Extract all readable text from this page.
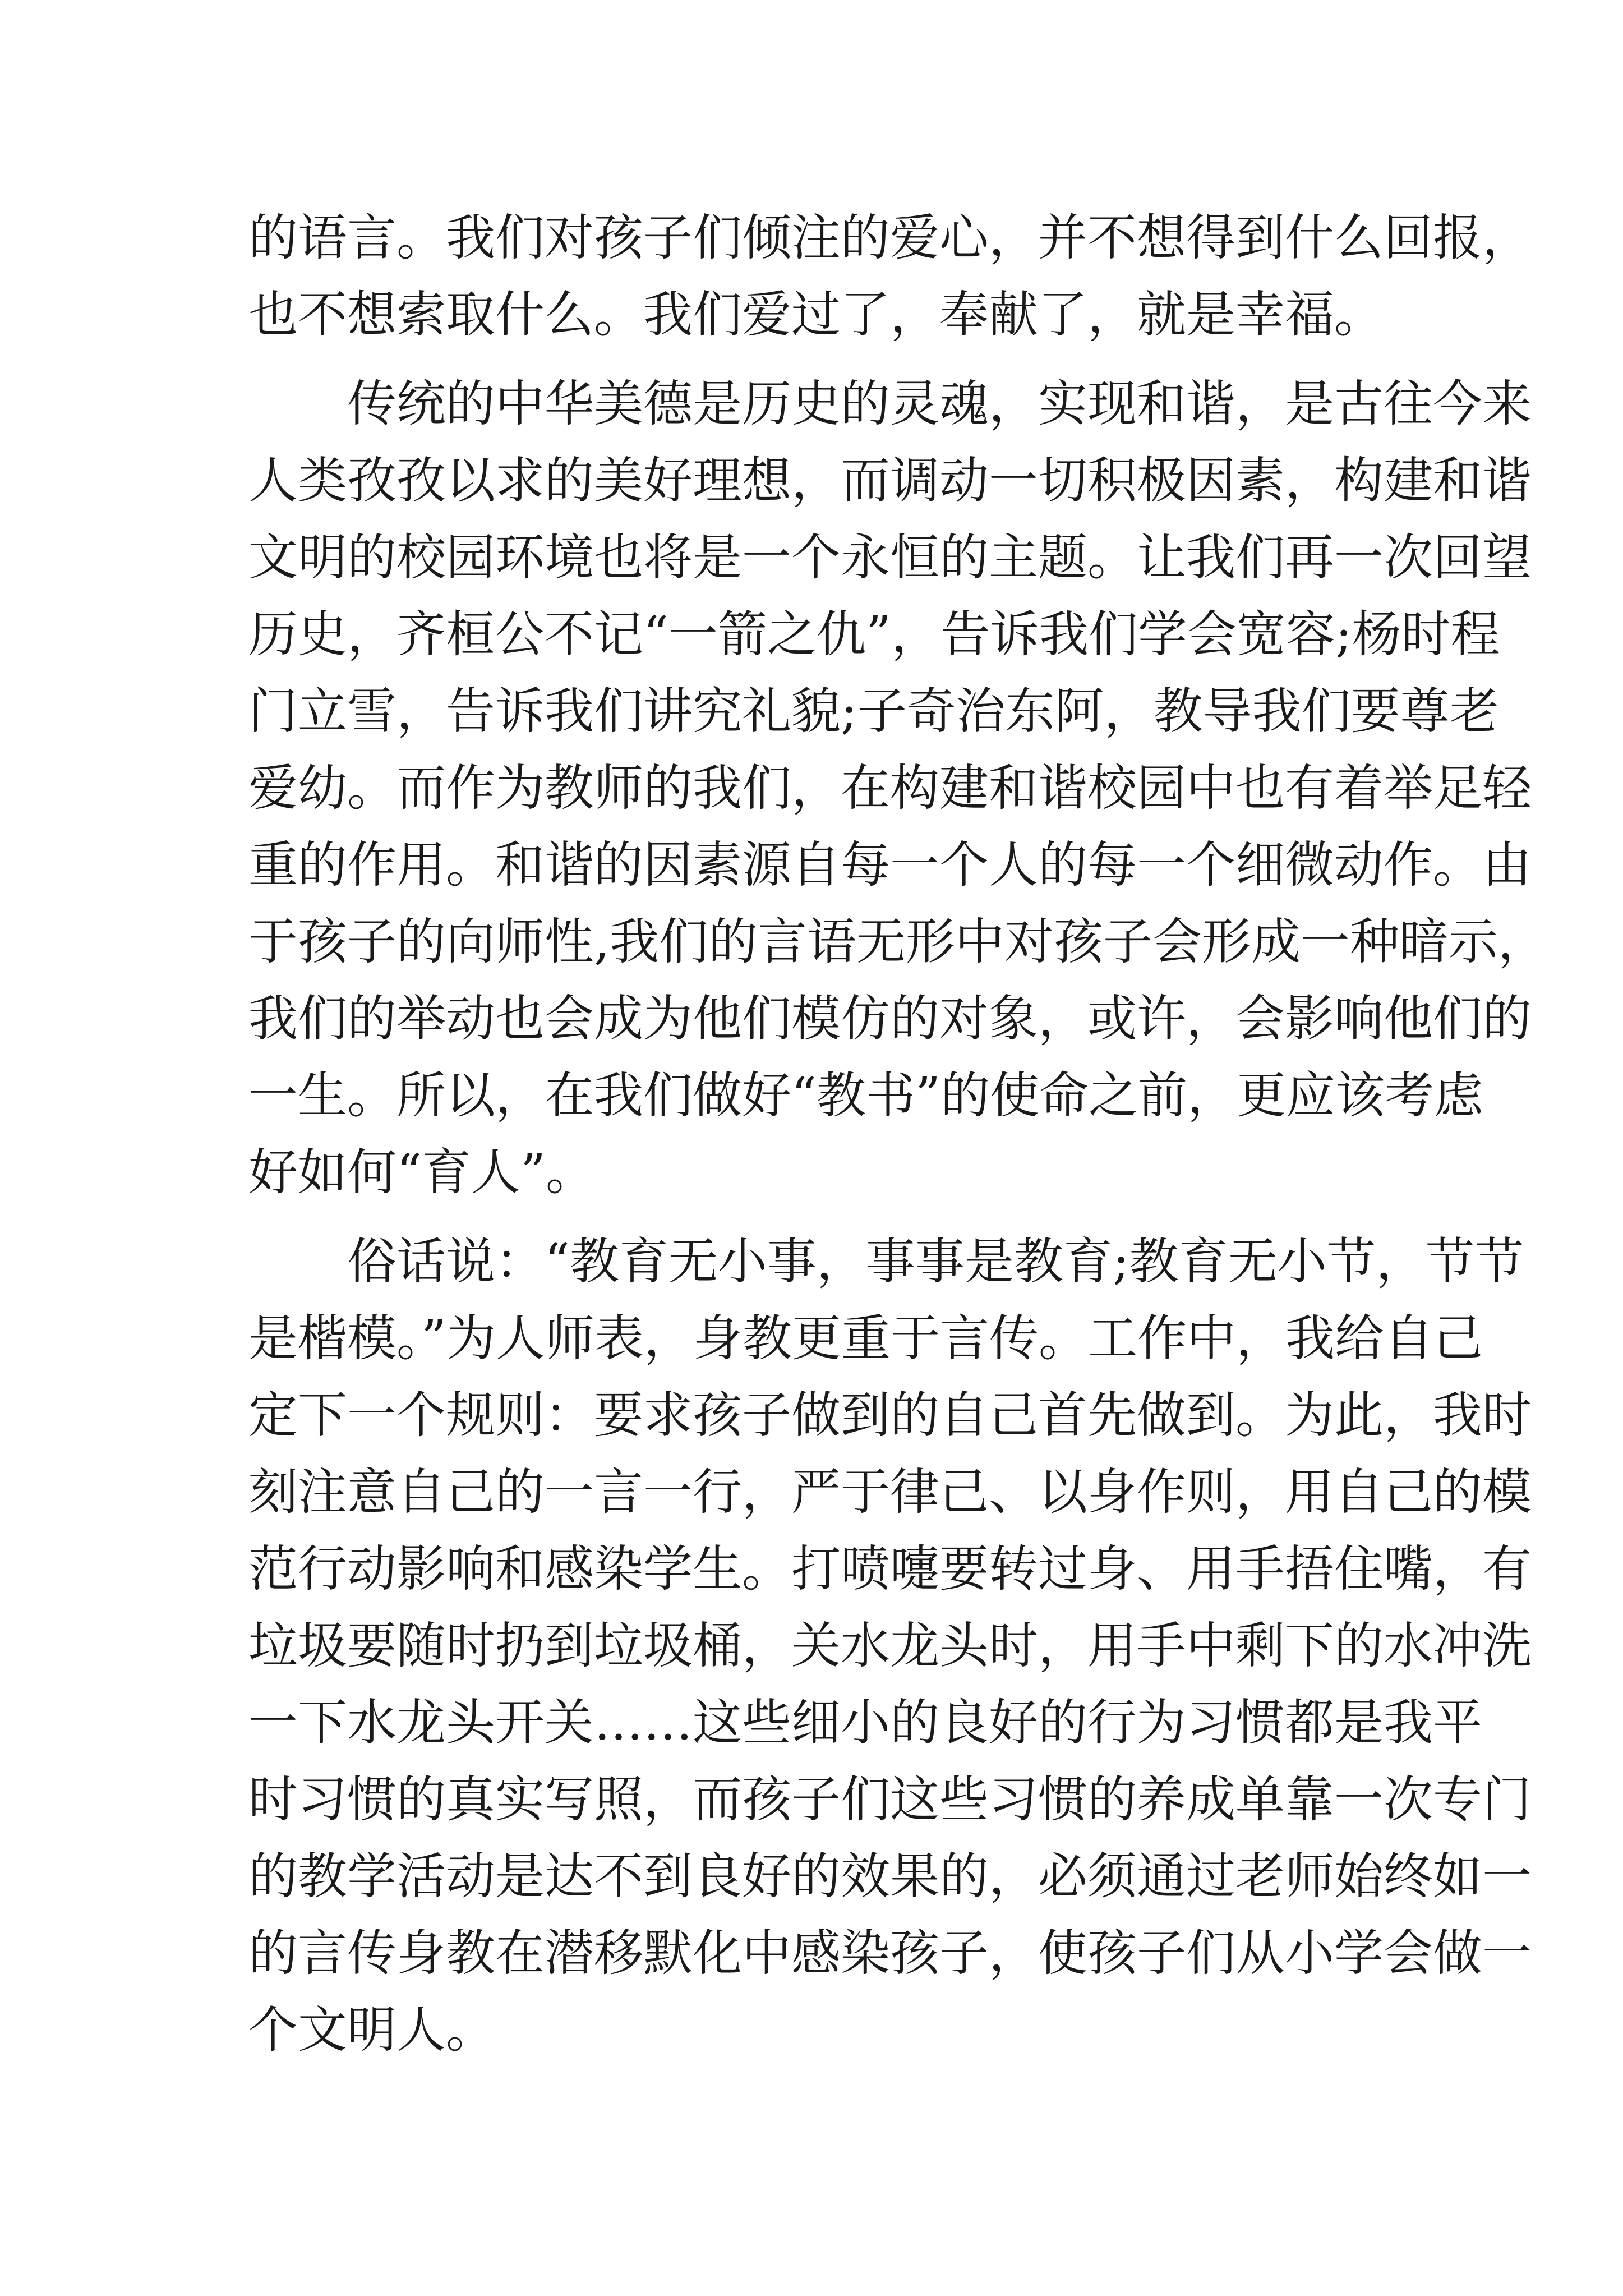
的语言。我们对孩子们倾注的爱心，并不想得到什么回报，
也不想索取什么。我们爱过了，奉献了，就是幸福。
传统的中华美德是历史的灵魂，实现和谐，是古往今来
人类孜孜以求的美好理想，而调动一切积极因素，构建和谐
文明的校园环境也将是一个永恒的主题。让我们再一次回望
历史，齐桓公不记“一箭之仇”，告诉我们学会宽容;杨时程
门立雪，告诉我们讲究礼貌;子奇治东阿，教导我们要尊老
爱幼。而作为教师的我们，在构建和谐校园中也有着举足轻
重的作用。和谐的因素源自每一个人的每一个细微动作。由
于孩子的向师性,我们的言语无形中对孩子会形成一种暗示，
我们的举动也会成为他们模仿的对象，或许，会影响他们的
一生。所以，在我们做好“教书”的使命之前，更应该考虑
好如何“育人”。
俗话说：“教育无小事，事事是教育;教育无小节，节节
是楷模。”为人师表，身教更重于言传。工作中，我给自己
定下一个规则：要求孩子做到的自己首先做到。为此，我时
刻注意自己的一言一行，严于律己、以身作则，用自己的模
范行动影响和感染学生。打喷嚏要转过身、用手捂住嘴，有
垃圾要随时扔到垃圾桶，关水龙头时，用手中剩下的水冲洗
一下水龙头开关……这些细小的良好的行为习惯都是我平
时习惯的真实写照，而孩子们这些习惯的养成单靠一次专门
的教学活动是达不到良好的效果的，必须通过老师始终如一
的言传身教在潜移默化中感染孩子，使孩子们从小学会做一
个文明人。
